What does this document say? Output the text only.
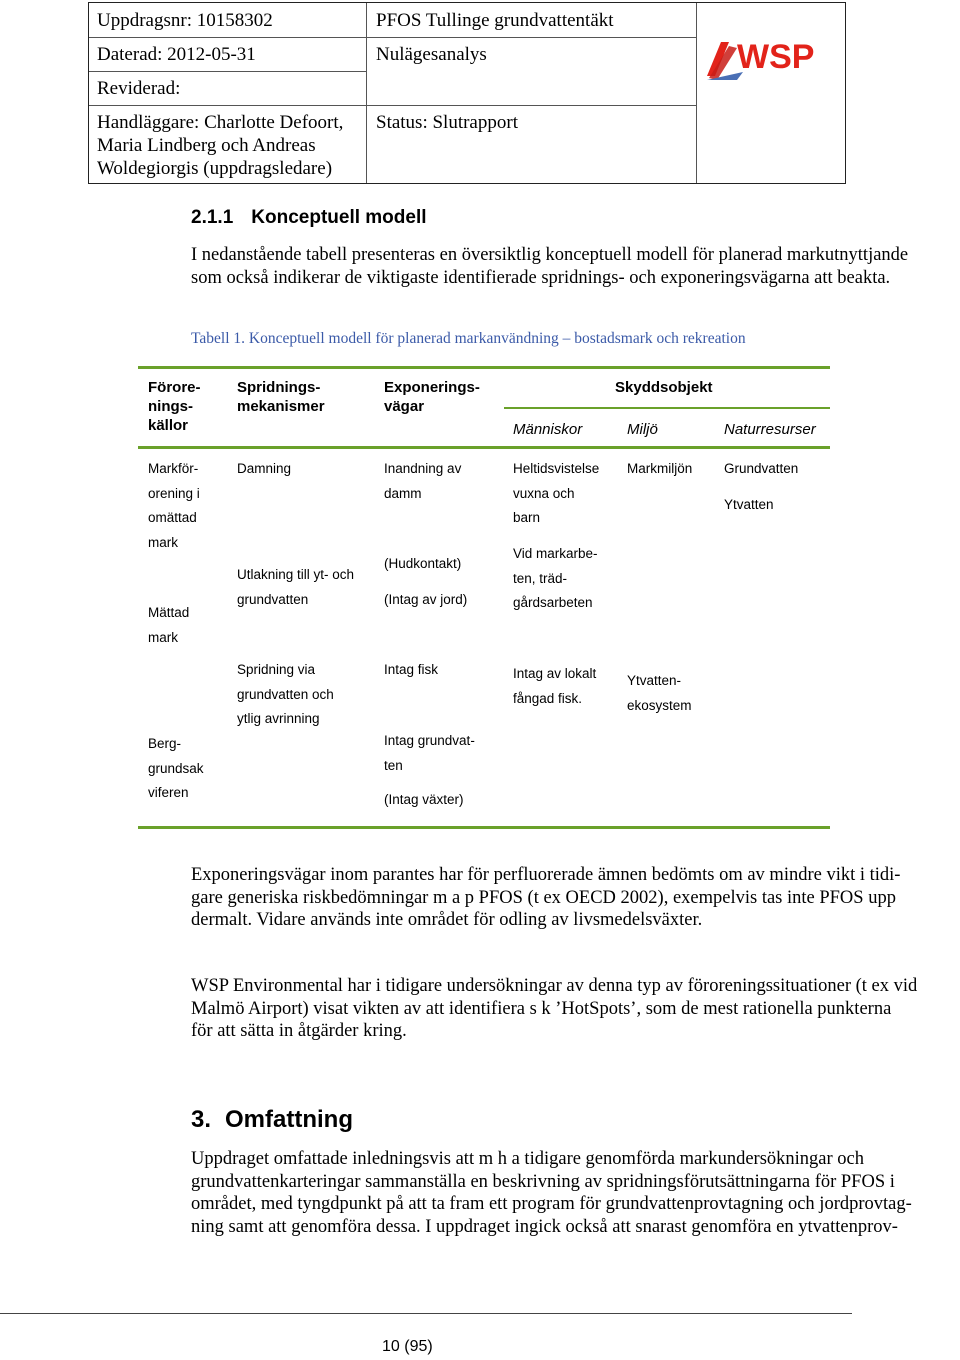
Uppdragsnr: 10158302
Daterad: 2012-05-31
Reviderad:
Handläggare: Charlotte Defoort,
Maria Lindberg och Andreas
Woldegiorgis (uppdragsledare)
PFOS Tullinge grundvattentäkt
Nulägesanalys
Status: Slutrapport
WSP
2.1.1 Konceptuell modell
I nedanstående tabell presenteras en översiktlig konceptuell modell för planerad markutnyttjande
som också indikerar de viktigaste identifierade spridnings- och exponeringsvägarna att beakta.
Tabell 1. Konceptuell modell för planerad markanvändning – bostadsmark och rekreation
Förore-
nings-
källor
Spridnings-
mekanismer
Exponerings-
vägar
Skyddsobjekt
Människor	Miljö	Naturresurser
Markför-
orening i
omättad
mark
Mättad
mark
Damning
Utlakning till yt- och
grundvatten
Inandning av
damm
(Hudkontakt)
(Intag av jord)
Heltidsvistelse
vuxna och
barn
Vid markarbe-
ten, träd-
gårdsarbeten
Markmiljön Grundvatten
Ytvatten
Berg-
grundsak
viferen
Spridning via
grundvatten och
ytlig avrinning
Intag fisk
Intag grundvat-
ten
(Intag växter)
Intag av lokalt
fångad fisk.
Ytvatten-
ekosystem
Exponeringsvägar inom parantes har för perfluorerade ämnen bedömts om av mindre vikt i tidi-
gare generiska riskbedömningar m a p PFOS (t ex OECD 2002), exempelvis tas inte PFOS upp
dermalt. Vidare används inte området för odling av livsmedelsväxter.
WSP Environmental har i tidigare undersökningar av denna typ av föroreningssituationer (t ex vid
Malmö Airport) visat vikten av att identifiera s k ’HotSpots’, som de mest rationella punkterna
för att sätta in åtgärder kring.
3. Omfattning
Uppdraget omfattade inledningsvis att m h a tidigare genomförda markundersökningar och
grundvattenkarteringar sammanställa en beskrivning av spridningsförutsättningarna för PFOS i
området, med tyngdpunkt på att ta fram ett program för grundvattenprovtagning och jordprovtag-
ning samt att genomföra dessa. I uppdraget ingick också att snarast genomföra en ytvattenprov-
10 (95)
